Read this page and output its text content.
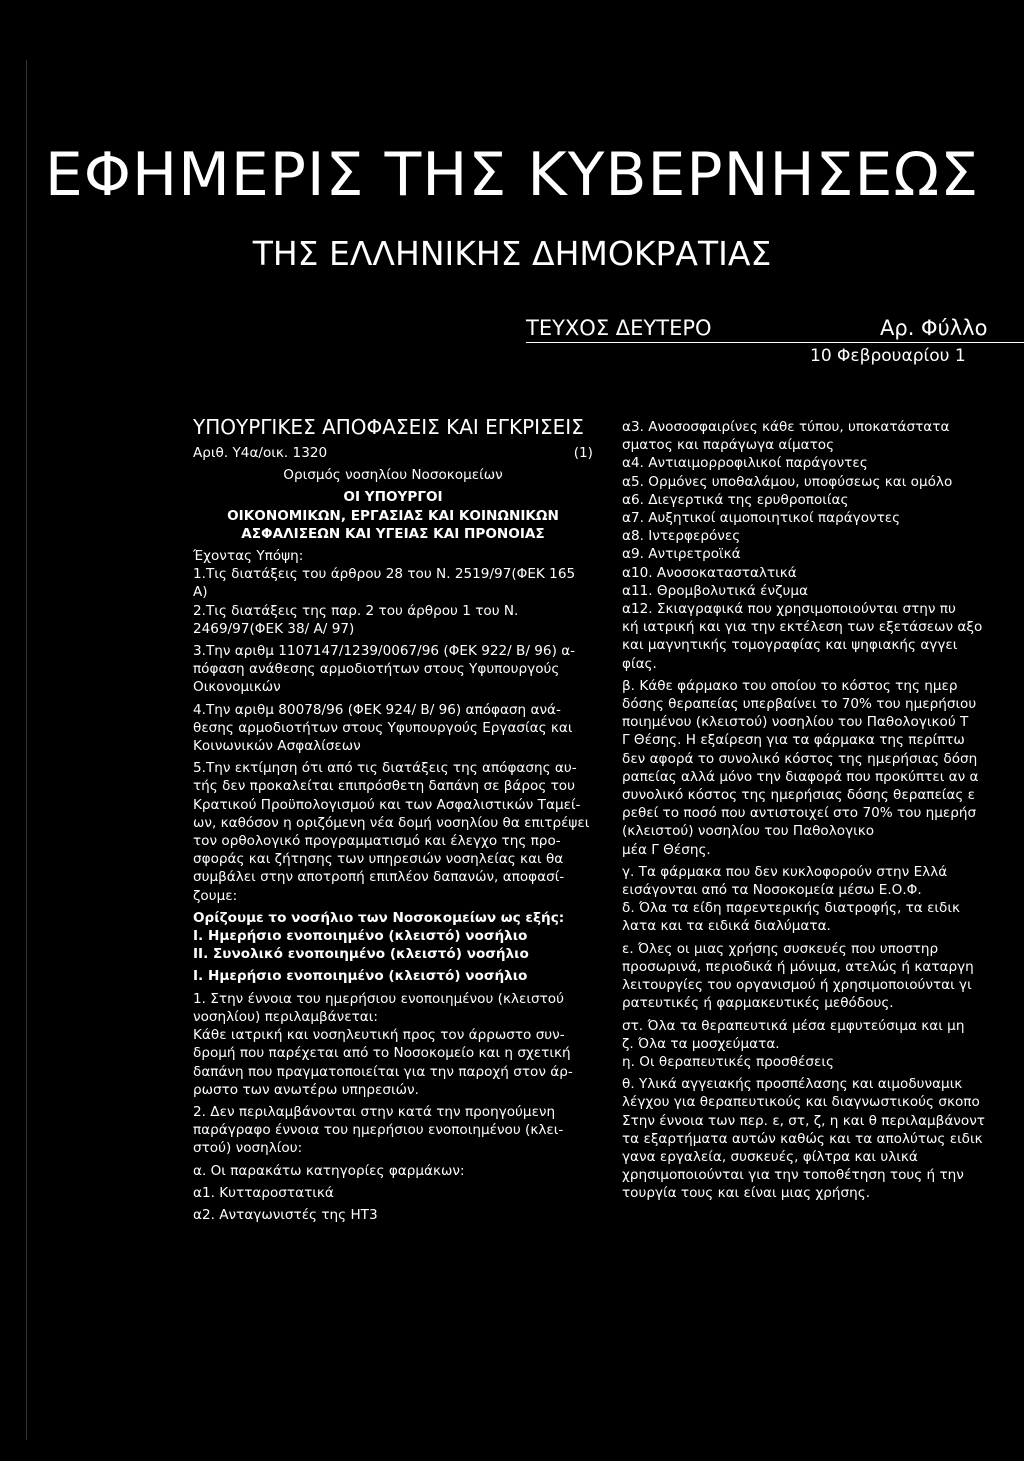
ΕΦΗΜΕΡΙΣ ΤΗΣ ΚΥΒΕΡΝΗΣΕΩΣ
ΤΗΣ ΕΛΛΗΝΙΚΗΣ ΔΗΜΟΚΡΑΤΙΑΣ
ΤΕΥΧΟΣ ΔΕΥΤΕΡΟ	Αρ. Φύλλο
10 Φεβρουαρίου 1

ΥΠΟΥΡΓΙΚΕΣ ΑΠΟΦΑΣΕΙΣ ΚΑΙ ΕΓΚΡΙΣΕΙΣ

Αριθ. Υ4α/οικ. 1320	(1)

Ορισμός νοσηλίου Νοσοκομείων

ΟΙ ΥΠΟΥΡΓΟΙ

ΟΙΚΟΝΟΜΙΚΩΝ, ΕΡΓΑΣΙΑΣ ΚΑΙ ΚΟΙΝΩΝΙΚΩΝ

ΑΣΦΑΛΙΣΕΩΝ ΚΑΙ ΥΓΕΙΑΣ ΚΑΙ ΠΡΟΝΟΙΑΣ

Έχοντας Υπόψη:

1.Τις διατάξεις του άρθρου 28 του Ν. 2519/97(ΦΕΚ 165 Α)

2.Τις διατάξεις της παρ. 2 του άρθρου 1 του Ν.

2469/97(ΦΕΚ 38/ Α/ 97)

3.Την αριθμ 1107147/1239/0067/96 (ΦΕΚ 922/ Β/ 96) α-

πόφαση ανάθεσης αρμοδιοτήτων στους Υφυπουργούς

Οικονομικών

4.Την αριθμ 80078/96 (ΦΕΚ 924/ Β/ 96) απόφαση ανά-

θεσης αρμοδιοτήτων στους Υφυπουργούς Εργασίας και

Κοινωνικών Ασφαλίσεων

5.Την εκτίμηση ότι από τις διατάξεις της απόφασης αυ-

τής δεν προκαλείται επιπρόσθετη δαπάνη σε βάρος του

Κρατικού Προϋπολογισμού και των Ασφαλιστικών Ταμεί-

ων, καθόσον η οριζόμενη νέα δομή νοσηλίου θα επιτρέψει

τον ορθολογικό προγραμματισμό και έλεγχο της προ-

σφοράς και ζήτησης των υπηρεσιών νοσηλείας και θα

συμβάλει στην αποτροπή επιπλέον δαπανών, αποφασί-

ζουμε:

Ορίζουμε το νοσήλιο των Νοσοκομείων ως εξής:

Ι. Ημερήσιο ενοποιημένο (κλειστό) νοσήλιο

ΙΙ. Συνολικό ενοποιημένο (κλειστό) νοσήλιο

Ι. Ημερήσιο ενοποιημένο (κλειστό) νοσήλιο

1. Στην έννοια του ημερήσιου ενοποιημένου (κλειστού

νοσηλίου) περιλαμβάνεται:

Κάθε ιατρική και νοσηλευτική προς τον άρρωστο συν-

δρομή που παρέχεται από το Νοσοκομείο και η σχετική

δαπάνη που πραγματοποιείται για την παροχή στον άρ-

ρωστο των ανωτέρω υπηρεσιών.

2. Δεν περιλαμβάνονται στην κατά την προηγούμενη

παράγραφο έννοια του ημερήσιου ενοποιημένου (κλει-

στού) νοσηλίου:

α. Οι παρακάτω κατηγορίες φαρμάκων:

α1. Κυτταροστατικά

α2. Ανταγωνιστές της ΗΤ3

α3. Ανοσοσφαιρίνες κάθε τύπου, υποκατάστατα

σματος και παράγωγα αίματος

α4. Αντιαιμορροφιλικοί παράγοντες

α5. Ορμόνες υποθαλάμου, υποφύσεως και ομόλο

α6. Διεγερτικά της ερυθροποιίας

α7. Αυξητικοί αιμοποιητικοί παράγοντες

α8. Ιντερφερόνες

α9. Αντιρετροϊκά

α10. Ανοσοκατασταλτικά

α11. Θρομβολυτικά ένζυμα

α12. Σκιαγραφικά που χρησιμοποιούνται στην πυ

κή ιατρική και για την εκτέλεση των εξετάσεων αξο

και μαγνητικής τομογραφίας και ψηφιακής αγγει

φίας.

β. Κάθε φάρμακο του οποίου το κόστος της ημερ

δόσης θεραπείας υπερβαίνει το 70% του ημερήσιου

ποιημένου (κλειστού) νοσηλίου του Παθολογικού Τ

Γ Θέσης. Η εξαίρεση για τα φάρμακα της περίπτω

δεν αφορά το συνολικό κόστος της ημερήσιας δόση

ραπείας αλλά μόνο την διαφορά που προκύπτει αν α

συνολικό κόστος της ημερήσιας δόσης θεραπείας ε

ρεθεί το ποσό που αντιστοιχεί στο 70% του ημερήσ

(κλειστού) νοσηλίου του Παθολογικο

μέα Γ Θέσης.

γ. Τα φάρμακα που δεν κυκλοφορούν στην Ελλά

εισάγονται από τα Νοσοκομεία μέσω Ε.Ο.Φ.

δ. Όλα τα είδη παρεντερικής διατροφής, τα ειδικ

λατα και τα ειδικά διαλύματα.

ε. Όλες οι μιας χρήσης συσκευές που υποστηρ

προσωρινά, περιοδικά ή μόνιμα, ατελώς ή καταργη

λειτουργίες του οργανισμού ή χρησιμοποιούνται γι

ρατευτικές ή φαρμακευτικές μεθόδους.

στ. Όλα τα θεραπευτικά μέσα εμφυτεύσιμα και μη

ζ. Όλα τα μοσχεύματα.

η. Οι θεραπευτικές προσθέσεις

θ. Υλικά αγγειακής προσπέλασης και αιμοδυναμικ

λέγχου για θεραπευτικούς και διαγνωστικούς σκοπο

Στην έννοια των περ. ε, στ, ζ, η και θ περιλαμβάνοντ

τα εξαρτήματα αυτών καθώς και τα απολύτως ειδικ

γανα εργαλεία, συσκευές, φίλτρα και υλικά

χρησιμοποιούνται για την τοποθέτηση τους ή την

τουργία τους και είναι μιας χρήσης.
